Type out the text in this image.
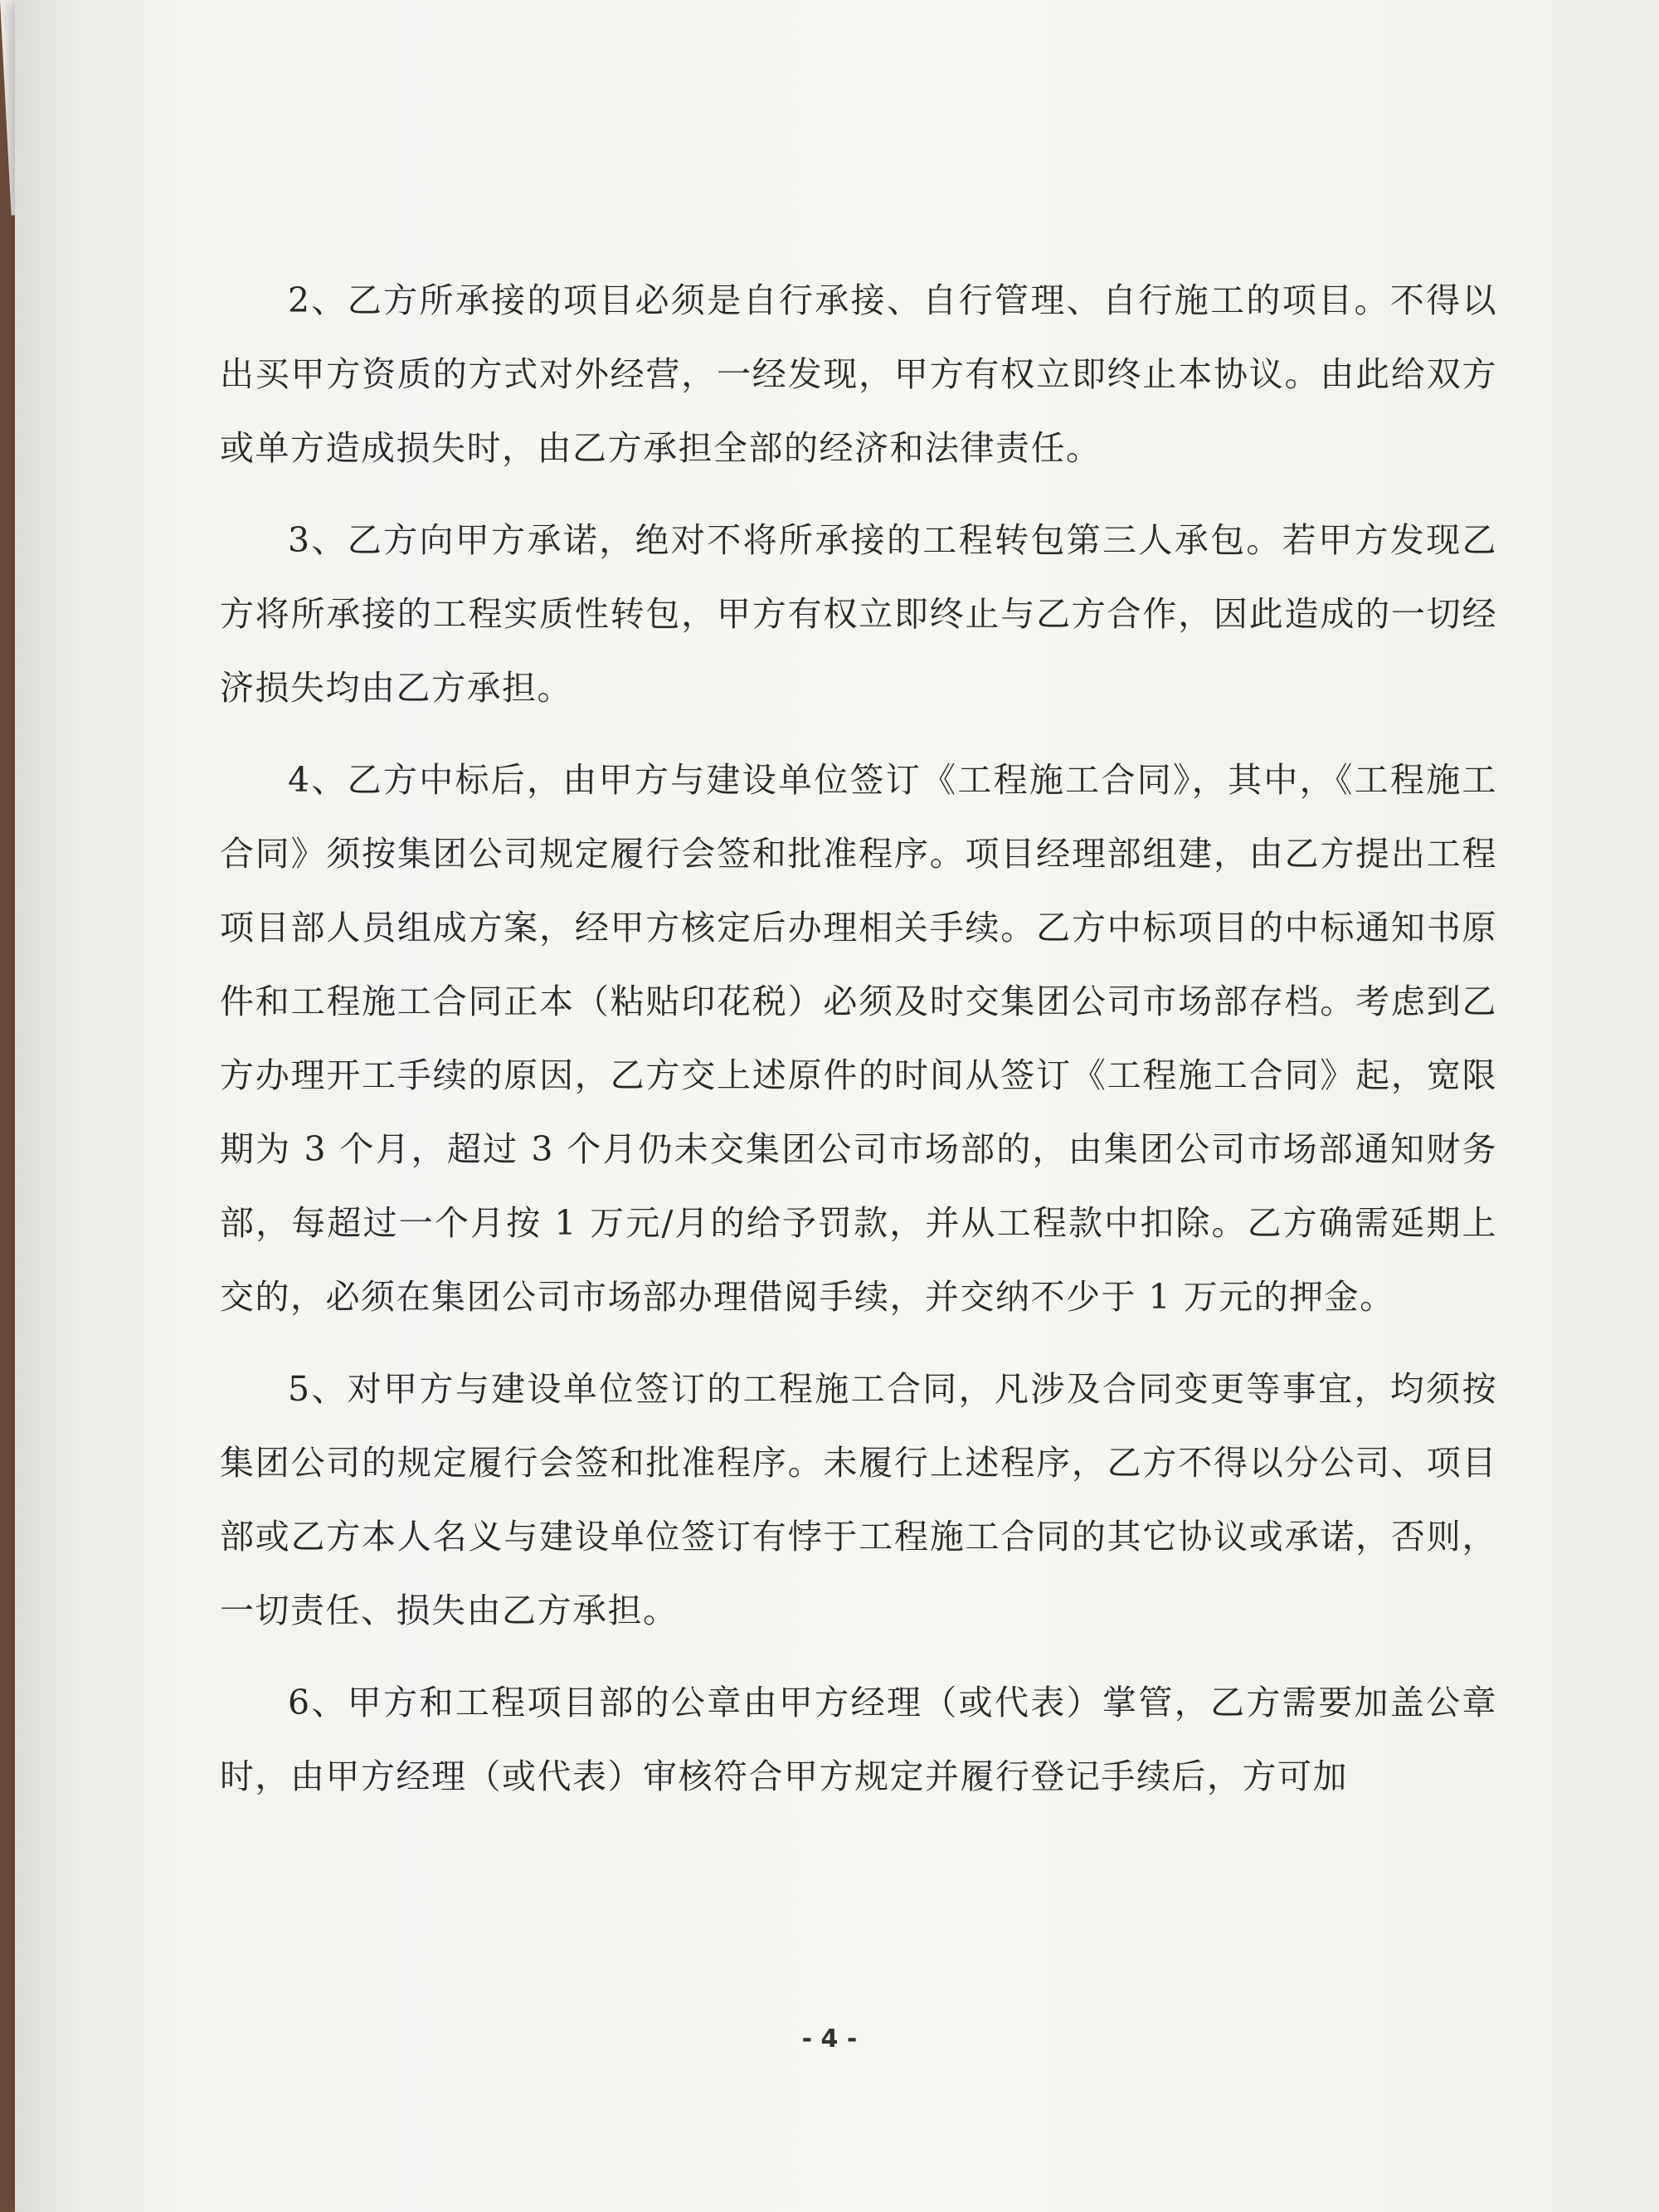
2、乙方所承接的项目必须是自行承接、自行管理、自行施工的项目。不得以出买甲方资质的方式对外经营，一经发现，甲方有权立即终止本协议。由此给双方或单方造成损失时，由乙方承担全部的经济和法律责任。

3、乙方向甲方承诺，绝对不将所承接的工程转包第三人承包。若甲方发现乙方将所承接的工程实质性转包，甲方有权立即终止与乙方合作，因此造成的一切经济损失均由乙方承担。

4、乙方中标后，由甲方与建设单位签订《工程施工合同》，其中，《工程施工合同》须按集团公司规定履行会签和批准程序。项目经理部组建，由乙方提出工程项目部人员组成方案，经甲方核定后办理相关手续。乙方中标项目的中标通知书原件和工程施工合同正本（粘贴印花税）必须及时交集团公司市场部存档。考虑到乙方办理开工手续的原因，乙方交上述原件的时间从签订《工程施工合同》起，宽限期为 3 个月，超过 3 个月仍未交集团公司市场部的，由集团公司市场部通知财务部，每超过一个月按 1 万元/月的给予罚款，并从工程款中扣除。乙方确需延期上交的，必须在集团公司市场部办理借阅手续，并交纳不少于 1 万元的押金。

5、对甲方与建设单位签订的工程施工合同，凡涉及合同变更等事宜，均须按集团公司的规定履行会签和批准程序。未履行上述程序，乙方不得以分公司、项目部或乙方本人名义与建设单位签订有悖于工程施工合同的其它协议或承诺，否则，一切责任、损失由乙方承担。

6、甲方和工程项目部的公章由甲方经理（或代表）掌管，乙方需要加盖公章时，由甲方经理（或代表）审核符合甲方规定并履行登记手续后，方可加

- 4 -
